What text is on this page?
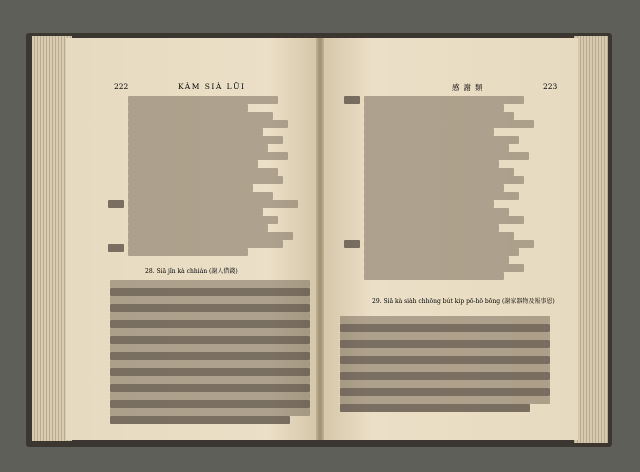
222	KÀM SIÀ LŪI	感謝類	223
28. Siā jîn kà chhián (謝人借錢)
29. Siā kà siàh chhōng bút kip pō-hō bōng (謝家器物及報事恩)
